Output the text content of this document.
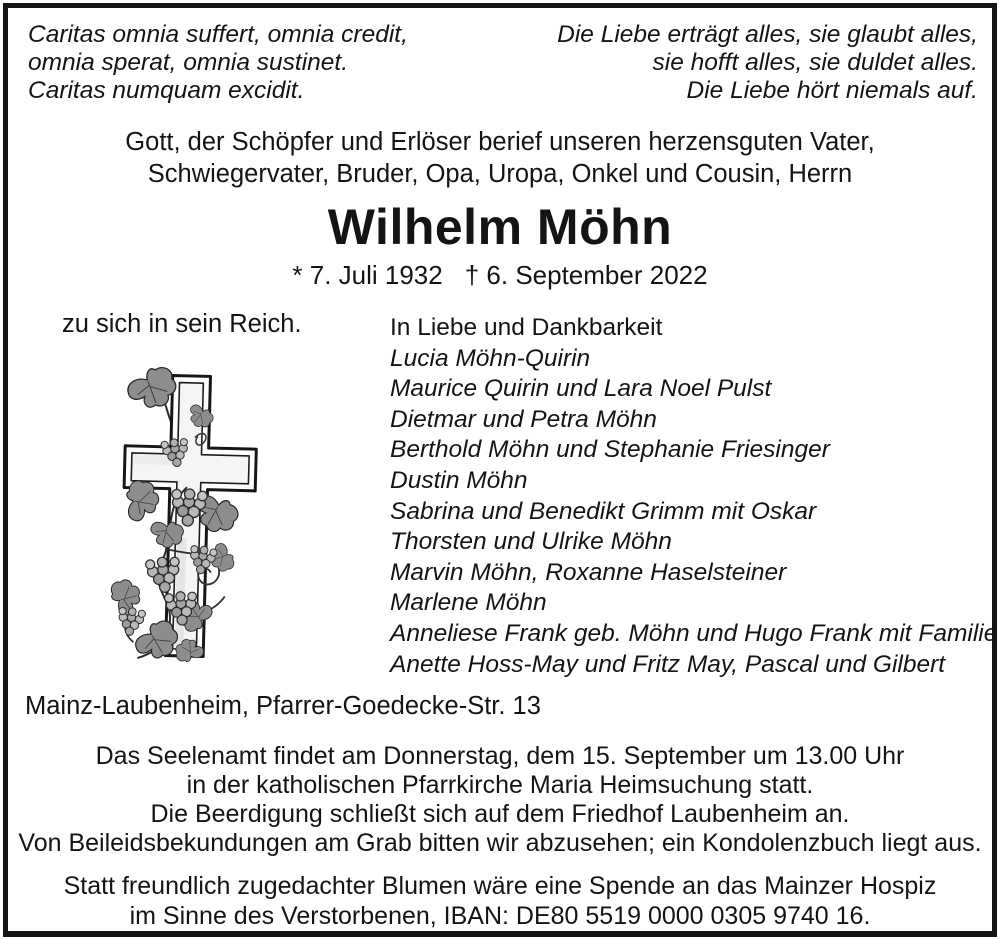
Caritas omnia suffert, omnia credit,
omnia sperat, omnia sustinet.
Caritas numquam excidit.
Die Liebe erträgt alles, sie glaubt alles,
sie hofft alles, sie duldet alles.
Die Liebe hört niemals auf.
Gott, der Schöpfer und Erlöser berief unseren herzensguten Vater,
Schwiegervater, Bruder, Opa, Uropa, Onkel und Cousin, Herrn
Wilhelm Möhn
* 7. Juli 1932 † 6. September 2022
zu sich in sein Reich.	In Liebe und Dankbarkeit
Lucia Möhn-Quirin
Maurice Quirin und Lara Noel Pulst
Dietmar und Petra Möhn
Berthold Möhn und Stephanie Friesinger
Dustin Möhn
Sabrina und Benedikt Grimm mit Oskar
Thorsten und Ulrike Möhn
Marvin Möhn, Roxanne Haselsteiner
Marlene Möhn
Anneliese Frank geb. Möhn und Hugo Frank mit Familie
Anette Hoss-May und Fritz May, Pascal und Gilbert
Mainz-Laubenheim, Pfarrer-Goedecke-Str. 13
Das Seelenamt findet am Donnerstag, dem 15. September um 13.00 Uhr
in der katholischen Pfarrkirche Maria Heimsuchung statt.
Die Beerdigung schließt sich auf dem Friedhof Laubenheim an.
Von Beileidsbekundungen am Grab bitten wir abzusehen; ein Kondolenzbuch liegt aus.
Statt freundlich zugedachter Blumen wäre eine Spende an das Mainzer Hospiz
im Sinne des Verstorbenen, IBAN: DE80 5519 0000 0305 9740 16.
